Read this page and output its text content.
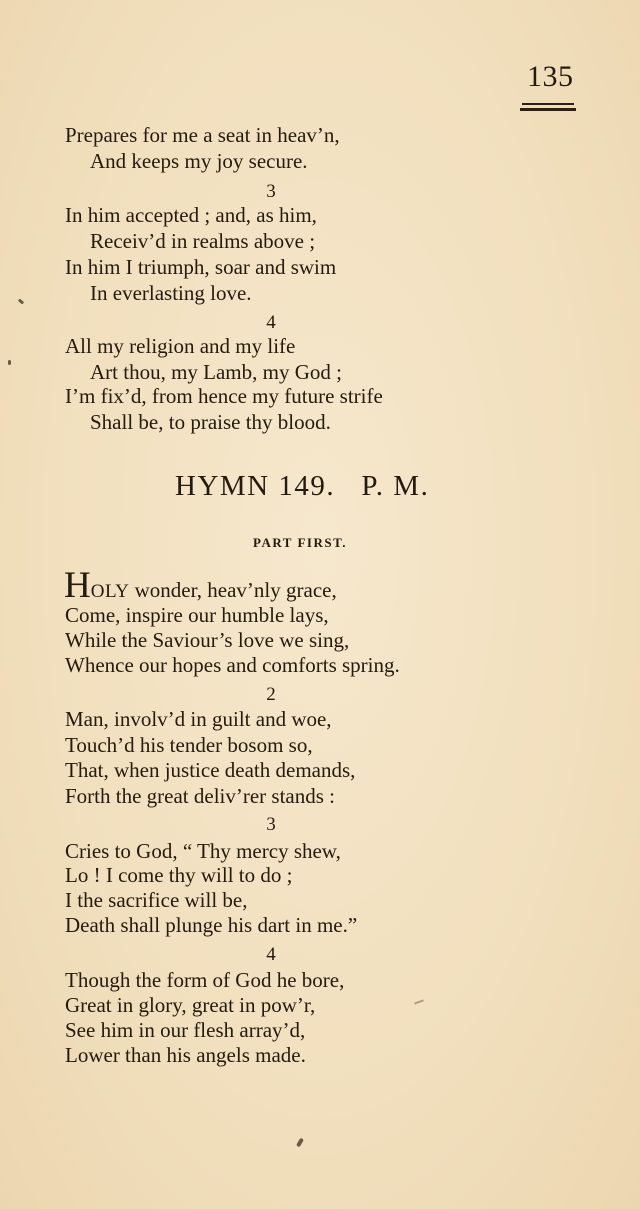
135
Prepares for me a seat in heav’n,
And keeps my joy secure.
3
In him accepted ; and, as him,
Receiv’d in realms above ;
In him I triumph, soar and swim
In everlasting love.
4
All my religion and my life
Art thou, my Lamb, my God ;
I’m fix’d, from hence my future strife
Shall be, to praise thy blood.
HYMN 149.   P. M.
PART FIRST.
HOLY wonder, heav’nly grace,
Come, inspire our humble lays,
While the Saviour’s love we sing,
Whence our hopes and comforts spring.
2
Man, involv’d in guilt and woe,
Touch’d his tender bosom so,
That, when justice death demands,
Forth the great deliv’rer stands :
3
Cries to God, “ Thy mercy shew,
Lo ! I come thy will to do ;
I the sacrifice will be,
Death shall plunge his dart in me.”
4
Though the form of God he bore,
Great in glory, great in pow’r,
See him in our flesh array’d,
Lower than his angels made.
